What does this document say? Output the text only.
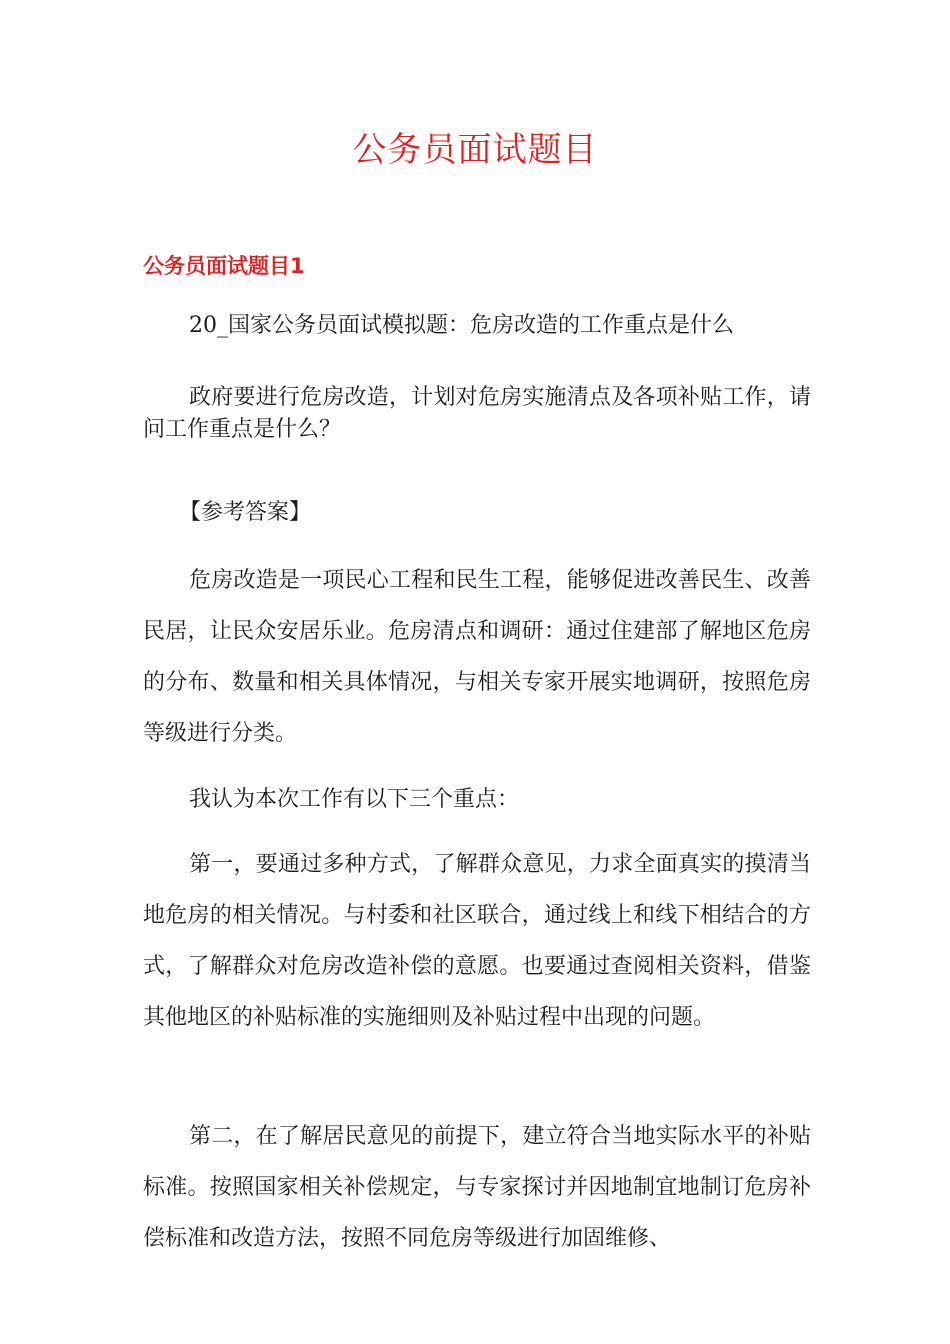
公务员面试题目
公务员面试题目1

20_国家公务员面试模拟题：危房改造的工作重点是什么

政府要进行危房改造，计划对危房实施清点及各项补贴工作，请问工作重点是什么？

【参考答案】

危房改造是一项民心工程和民生工程，能够促进改善民生、改善民居，让民众安居乐业。危房清点和调研：通过住建部了解地区危房的分布、数量和相关具体情况，与相关专家开展实地调研，按照危房等级进行分类。

我认为本次工作有以下三个重点：

第一，要通过多种方式，了解群众意见，力求全面真实的摸清当地危房的相关情况。与村委和社区联合，通过线上和线下相结合的方式，了解群众对危房改造补偿的意愿。也要通过查阅相关资料，借鉴其他地区的补贴标准的实施细则及补贴过程中出现的问题。

第二，在了解居民意见的前提下，建立符合当地实际水平的补贴标准。按照国家相关补偿规定，与专家探讨并因地制宜地制订危房补偿标准和改造方法，按照不同危房等级进行加固维修、
